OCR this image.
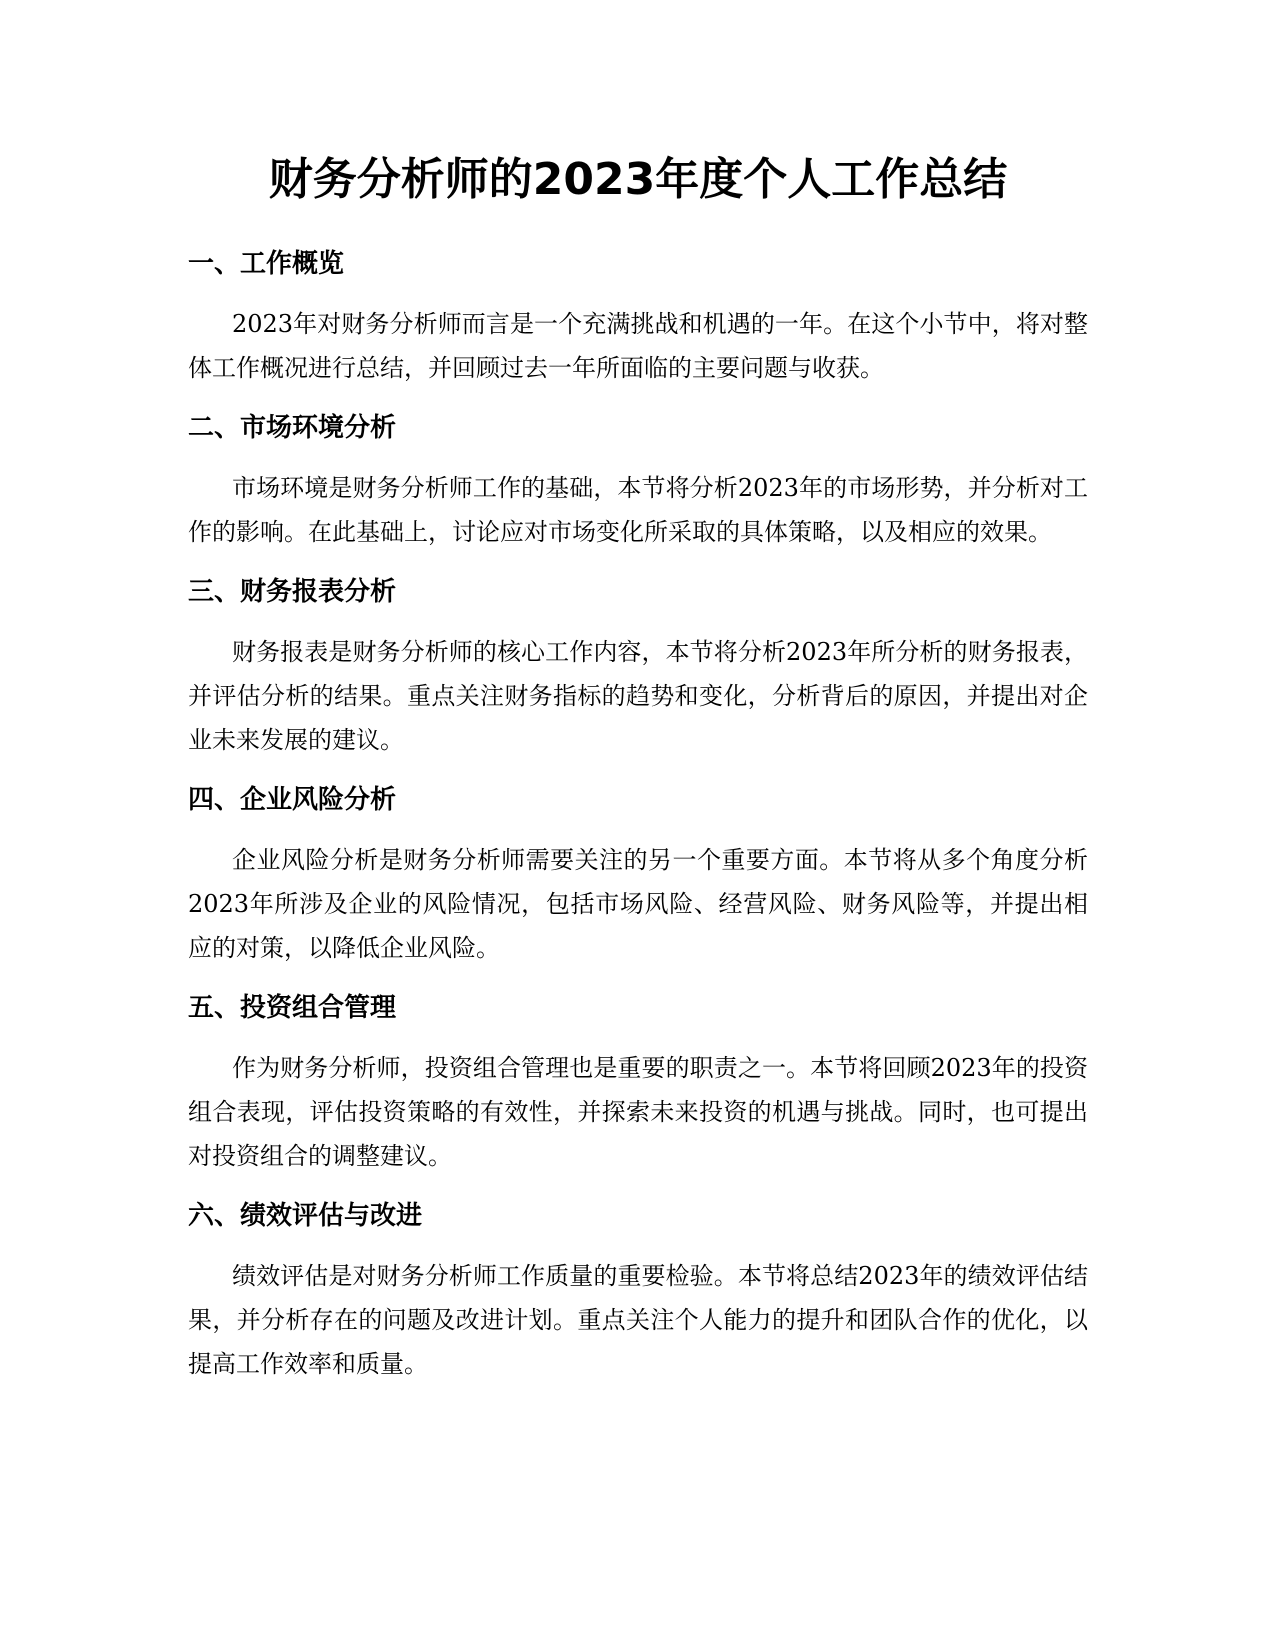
财务分析师的2023年度个人工作总结
一、工作概览

2023年对财务分析师而言是一个充满挑战和机遇的一年。在这个小节中，将对整体工作概况进行总结，并回顾过去一年所面临的主要问题与收获。

二、市场环境分析

市场环境是财务分析师工作的基础，本节将分析2023年的市场形势，并分析对工作的影响。在此基础上，讨论应对市场变化所采取的具体策略，以及相应的效果。

三、财务报表分析

财务报表是财务分析师的核心工作内容，本节将分析2023年所分析的财务报表，并评估分析的结果。重点关注财务指标的趋势和变化，分析背后的原因，并提出对企业未来发展的建议。

四、企业风险分析

企业风险分析是财务分析师需要关注的另一个重要方面。本节将从多个角度分析2023年所涉及企业的风险情况，包括市场风险、经营风险、财务风险等，并提出相应的对策，以降低企业风险。

五、投资组合管理

作为财务分析师，投资组合管理也是重要的职责之一。本节将回顾2023年的投资组合表现，评估投资策略的有效性，并探索未来投资的机遇与挑战。同时，也可提出对投资组合的调整建议。

六、绩效评估与改进

绩效评估是对财务分析师工作质量的重要检验。本节将总结2023年的绩效评估结果，并分析存在的问题及改进计划。重点关注个人能力的提升和团队合作的优化，以提高工作效率和质量。
